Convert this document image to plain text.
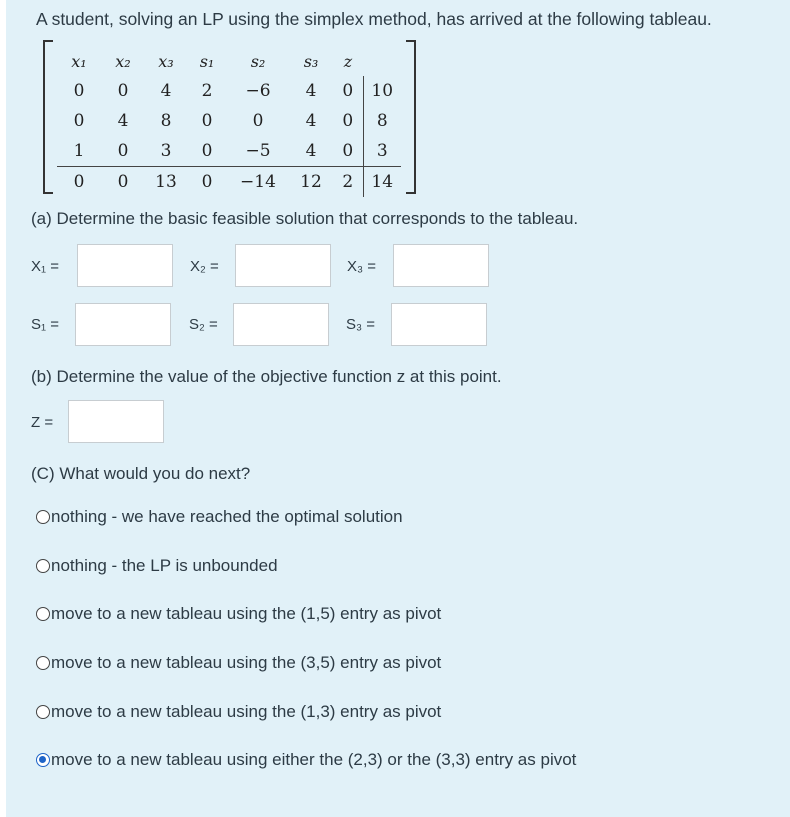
A student, solving an LP using the simplex method, has arrived at the following tableau.
x₁	x₂	x₃	s₁	s₂	s₃	z	
0	0	4	2	−6	4	0	10
0	4	8	0	0	4	0	8
1	0	3	0	−5	4	0	3
0	0	13	0	−14	12	2	14
(a) Determine the basic feasible solution that corresponds to the tableau.
X₁ =	X₂ =	X₃ =
S₁ =	S₂ =	S₃ =
(b) Determine the value of the objective function z at this point.
Z =
(C) What would you do next?
nothing - we have reached the optimal solution
nothing - the LP is unbounded
move to a new tableau using the (1,5) entry as pivot
move to a new tableau using the (3,5) entry as pivot
move to a new tableau using the (1,3) entry as pivot
move to a new tableau using either the (2,3) or the (3,3) entry as pivot
